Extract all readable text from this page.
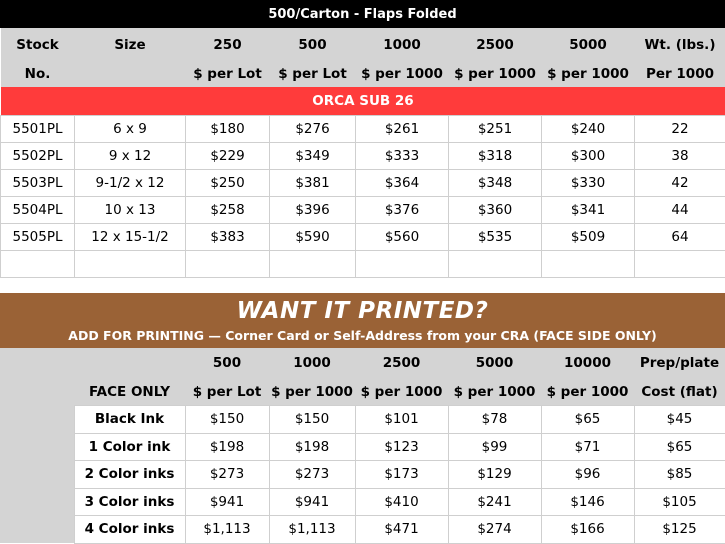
500/Carton - Flaps Folded
Stock	Size	250	500	1000	2500	5000	Wt. (lbs.)
No.		$ per Lot	$ per Lot	$ per 1000	$ per 1000	$ per 1000	Per 1000
ORCA SUB 26							
5501PL	6 x 9	$180	$276	$261	$251	$240	22
5502PL	9 x 12	$229	$349	$333	$318	$300	38
5503PL	9-1/2 x 12	$250	$381	$364	$348	$330	42
5504PL	10 x 13	$258	$396	$376	$360	$341	44
5505PL	12 x 15-1/2	$383	$590	$560	$535	$509	64

WANT IT PRINTED?
ADD FOR PRINTING — Corner Card or Self-Address from your CRA (FACE SIDE ONLY)
		500	1000	2500	5000	10000	Prep/plate
	FACE ONLY	$ per Lot	$ per 1000	$ per 1000	$ per 1000	$ per 1000	Cost (flat)
	Black Ink	$150	$150	$101	$78	$65	$45
	1 Color ink	$198	$198	$123	$99	$71	$65
	2 Color inks	$273	$273	$173	$129	$96	$85
	3 Color inks	$941	$941	$410	$241	$146	$105
	4 Color inks	$1,113	$1,113	$471	$274	$166	$125
